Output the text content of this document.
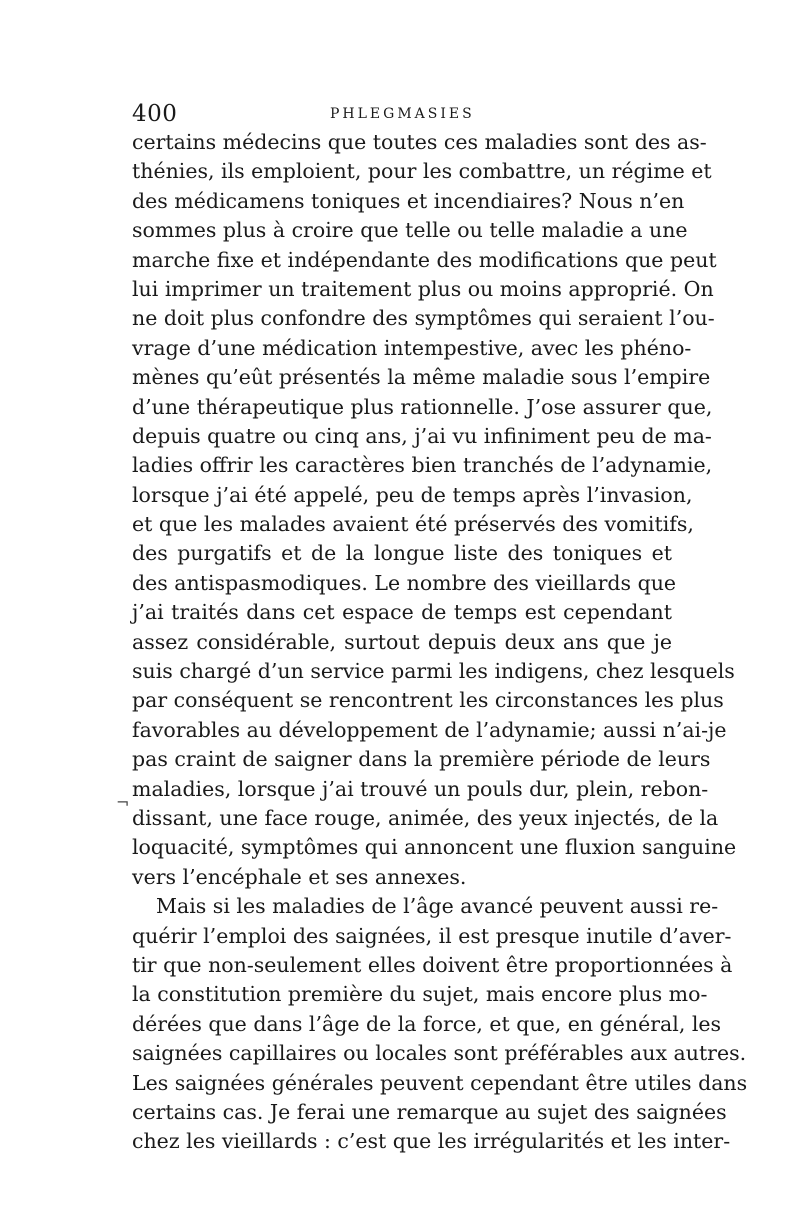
400	PHLEGMASIES
¬
certains médecins que toutes ces maladies sont des as-
thénies, ils emploient, pour les combattre, un régime et
des médicamens toniques et incendiaires? Nous n’en
sommes plus à croire que telle ou telle maladie a une
marche fixe et indépendante des modifications que peut
lui imprimer un traitement plus ou moins approprié. On
ne doit plus confondre des symptômes qui seraient l’ou-
vrage d’une médication intempestive, avec les phéno-
mènes qu’eût présentés la même maladie sous l’empire
d’une thérapeutique plus rationnelle. J’ose assurer que,
depuis quatre ou cinq ans, j’ai vu infiniment peu de ma-
ladies offrir les caractères bien tranchés de l’adynamie,
lorsque j’ai été appelé, peu de temps après l’invasion,
et que les malades avaient été préservés des vomitifs,
des purgatifs et de la longue liste des toniques et
des antispasmodiques. Le nombre des vieillards que
j’ai traités dans cet espace de temps est cependant
assez considérable, surtout depuis deux ans que je
suis chargé d’un service parmi les indigens, chez lesquels
par conséquent se rencontrent les circonstances les plus
favorables au développement de l’adynamie; aussi n’ai-je
pas craint de saigner dans la première période de leurs
maladies, lorsque j’ai trouvé un pouls dur, plein, rebon-
dissant, une face rouge, animée, des yeux injectés, de la
loquacité, symptômes qui annoncent une fluxion sanguine
vers l’encéphale et ses annexes.
Mais si les maladies de l’âge avancé peuvent aussi re-
quérir l’emploi des saignées, il est presque inutile d’aver-
tir que non-seulement elles doivent être proportionnées à
la constitution première du sujet, mais encore plus mo-
dérées que dans l’âge de la force, et que, en général, les
saignées capillaires ou locales sont préférables aux autres.
Les saignées générales peuvent cependant être utiles dans
certains cas. Je ferai une remarque au sujet des saignées
chez les vieillards : c’est que les irrégularités et les inter-
